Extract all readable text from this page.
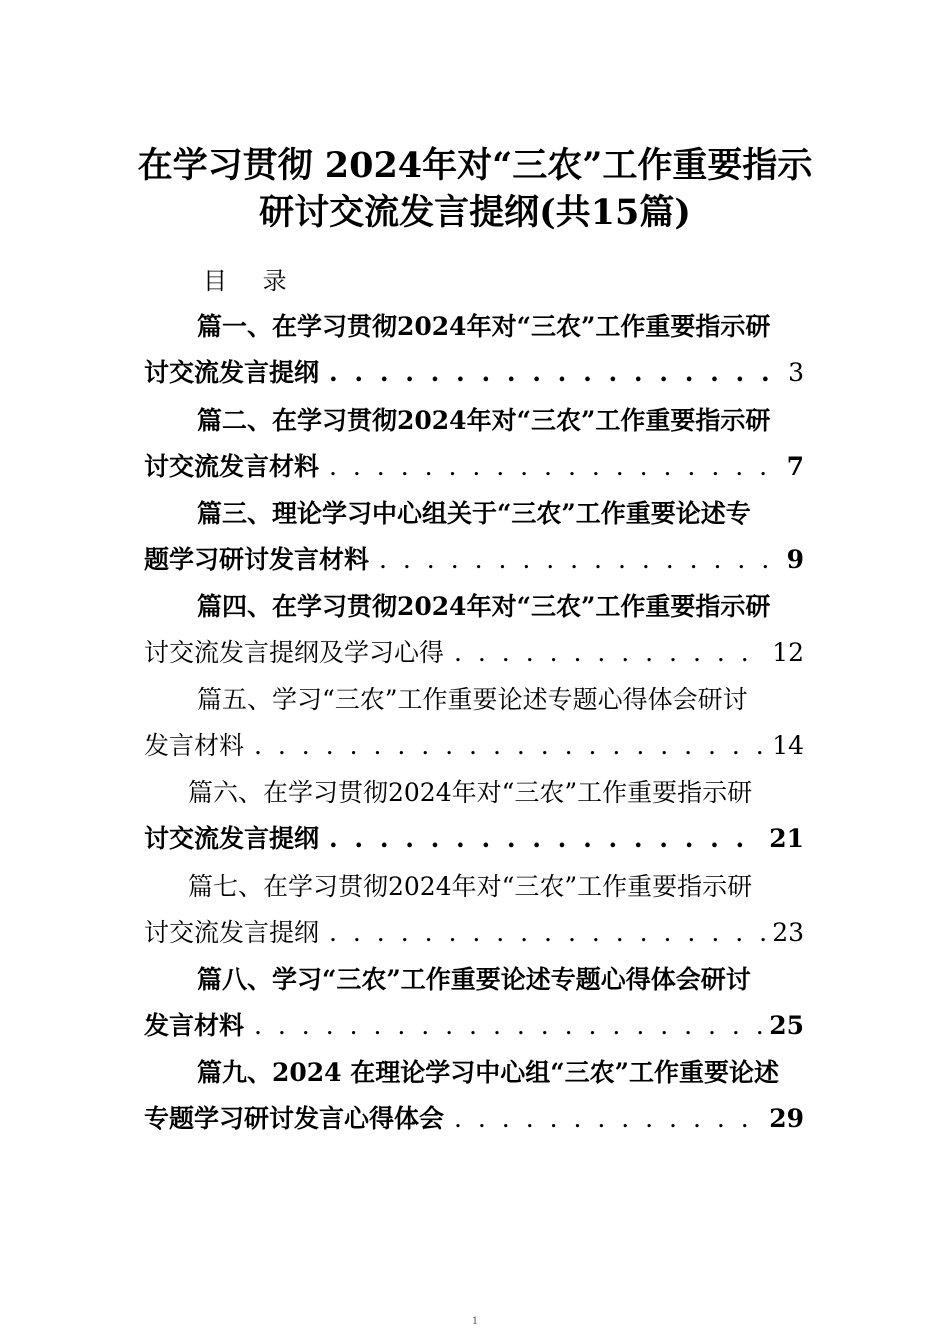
在学习贯彻 2024年对“三农”工作重要指示
研讨交流发言提纲(共15篇)
目 录
篇一、在学习贯彻2024年对“三农”工作重要指示研
讨交流发言提纲 . . .	3
篇二、在学习贯彻2024年对“三农”工作重要指示研
讨交流发言材料 . . .	7
篇三、理论学习中心组关于“三农”工作重要论述专
题学习研讨发言材料 . . .	9
篇四、在学习贯彻2024年对“三农”工作重要指示研
讨交流发言提纲及学习心得 . . .	12
篇五、学习“三农”工作重要论述专题心得体会研讨
发言材料 . . .	14
篇六、在学习贯彻2024年对“三农”工作重要指示研
讨交流发言提纲 . . .	21
篇七、在学习贯彻2024年对“三农”工作重要指示研
讨交流发言提纲 . . .	23
篇八、学习“三农”工作重要论述专题心得体会研讨
发言材料 . . .	25
篇九、2024 在理论学习中心组“三农”工作重要论述
专题学习研讨发言心得体会 . . .	29
1
